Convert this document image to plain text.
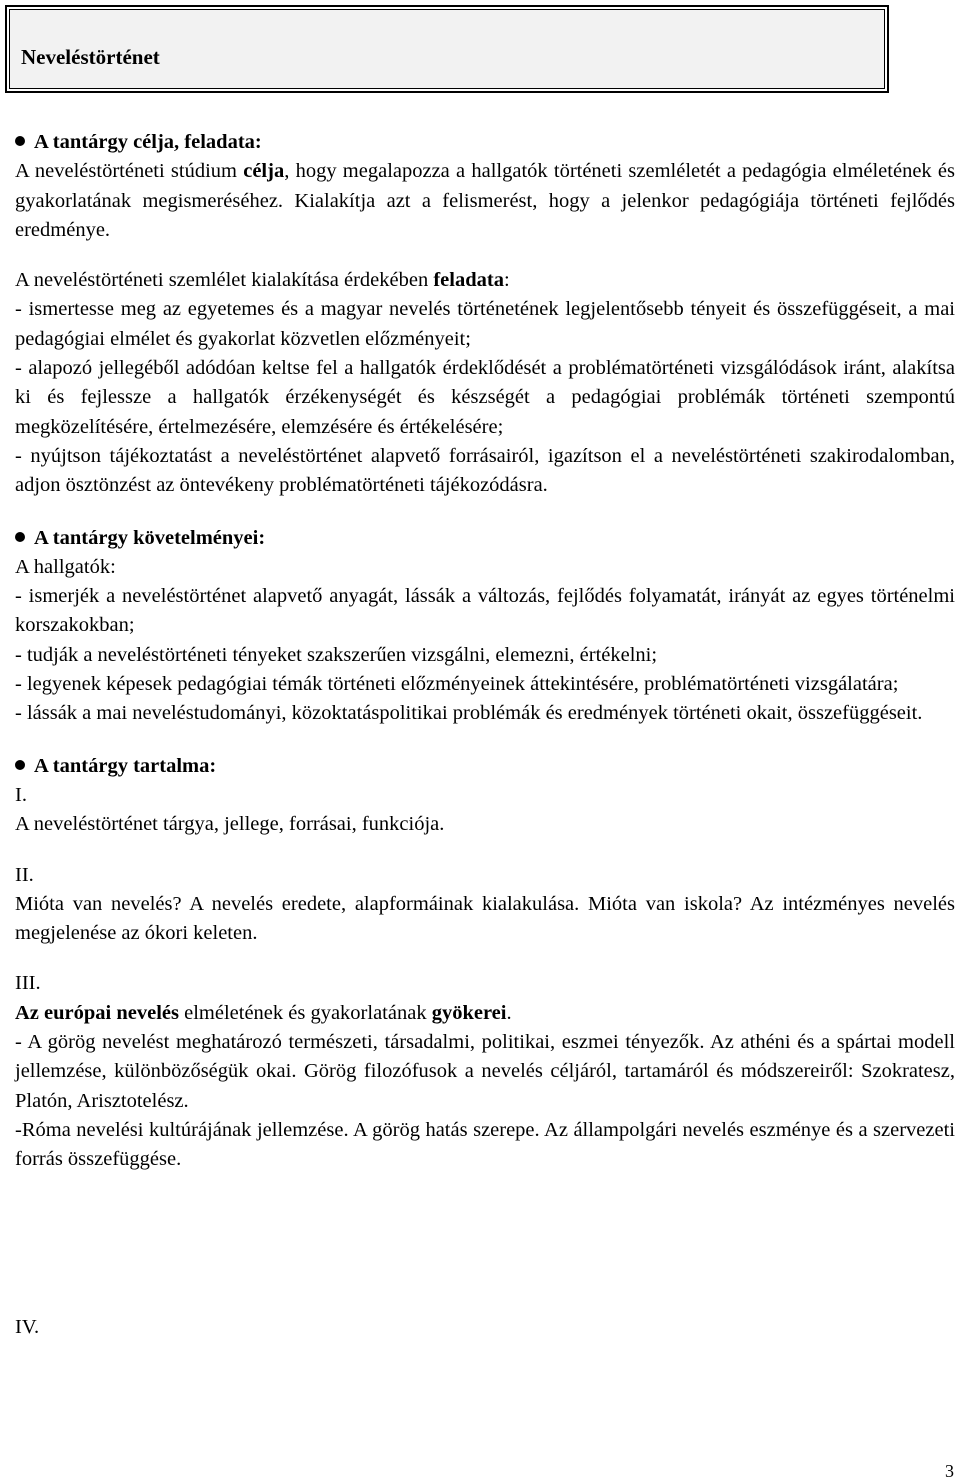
Neveléstörténet
A tantárgy célja, feladata:
A neveléstörténeti stúdium célja, hogy megalapozza a hallgatók történeti szemléletét a pedagógia elméletének és gyakorlatának megismeréséhez. Kialakítja azt a felismerést, hogy a jelenkor pedagógiája történeti fejlődés eredménye.
A neveléstörténeti szemlélet kialakítása érdekében feladata:
- ismertesse meg az egyetemes és a magyar nevelés történetének legjelentősebb tényeit és összefüggéseit, a mai pedagógiai elmélet és gyakorlat közvetlen előzményeit;
- alapozó jellegéből adódóan keltse fel a hallgatók érdeklődését a problématörténeti vizsgálódások iránt, alakítsa ki és fejlessze a hallgatók érzékenységét és készségét a pedagógiai problémák történeti szempontú megközelítésére, értelmezésére, elemzésére és értékelésére;
- nyújtson tájékoztatást a neveléstörténet alapvető forrásairól, igazítson el a neveléstörténeti szakirodalomban, adjon ösztönzést az öntevékeny problématörténeti tájékozódásra.
A tantárgy követelményei:
A hallgatók:
- ismerjék a neveléstörténet alapvető anyagát, lássák a változás, fejlődés folyamatát, irányát az egyes történelmi korszakokban;
- tudják a neveléstörténeti tényeket szakszerűen vizsgálni, elemezni, értékelni;
- legyenek képesek pedagógiai témák történeti előzményeinek áttekintésére, problématörténeti vizsgálatára;
- lássák a mai neveléstudományi, közoktatáspolitikai problémák és eredmények történeti okait, összefüggéseit.
A tantárgy tartalma:
I.
A neveléstörténet tárgya, jellege, forrásai, funkciója.
II.
Mióta van nevelés? A nevelés eredete, alapformáinak kialakulása. Mióta van iskola? Az intézményes nevelés megjelenése az ókori keleten.
III.
Az európai nevelés elméletének és gyakorlatának gyökerei.
- A görög nevelést meghatározó természeti, társadalmi, politikai, eszmei tényezők. Az athéni és a spártai modell jellemzése, különbözőségük okai. Görög filozófusok a nevelés céljáról, tartamáról és módszereiről: Szokratesz, Platón, Arisztotelész.
-Róma nevelési kultúrájának jellemzése. A görög hatás szerepe. Az állampolgári nevelés eszménye és a szervezeti forrás összefüggése.
IV.
3
